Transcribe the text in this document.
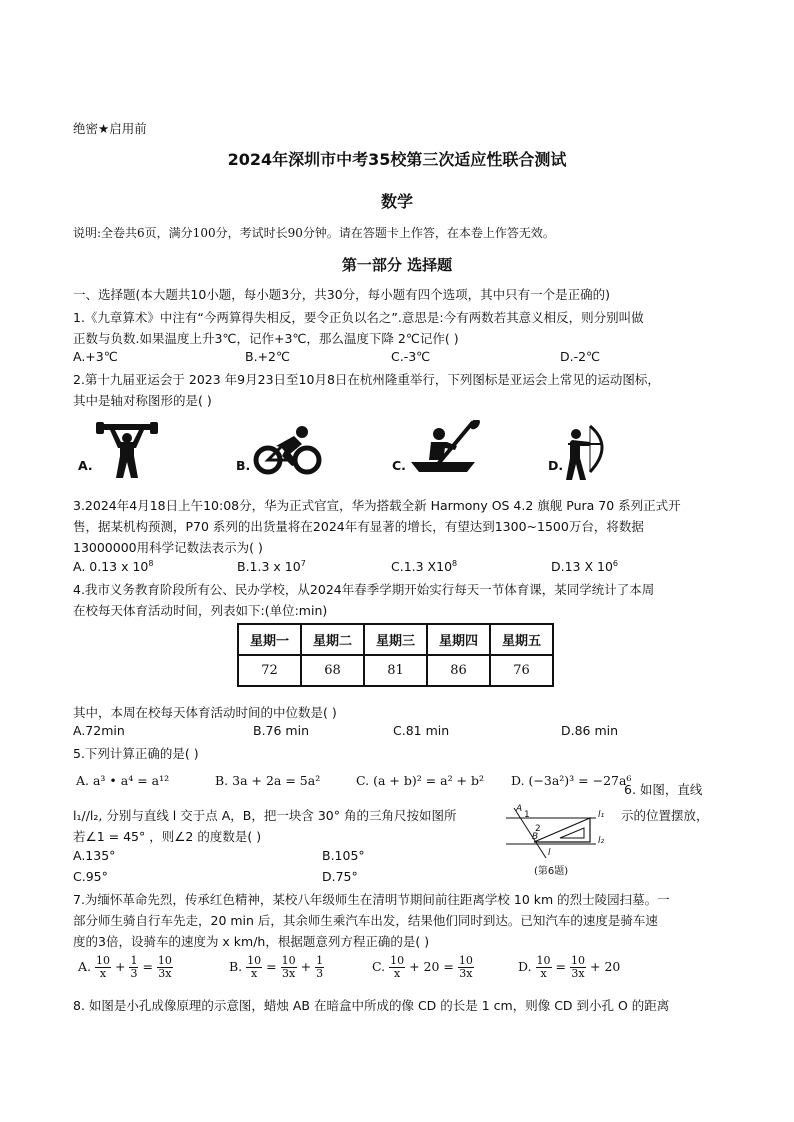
绝密★启用前
2024年深圳市中考35校第三次适应性联合测试
数学
说明:全卷共6页，满分100分，考试时长90分钟。请在答题卡上作答，在本卷上作答无效。
第一部分 选择题
一、选择题(本大题共10小题，每小题3分，共30分，每小题有四个选项，其中只有一个是正确的)
1.《九章算术》中注有“今两算得失相反，要令正负以名之”.意思是:今有两数若其意义相反，则分别叫做
正数与负数.如果温度上升3℃，记作+3℃，那么温度下降 2℃记作( )
A.+3℃	B.+2℃	C.-3℃	D.-2℃
2.第十九届亚运会于 2023 年9月23日至10月8日在杭州隆重举行，下列图标是亚运会上常见的运动图标，
其中是轴对称图形的是( )
A.	B.	C.	D.
3.2024年4月18日上午10:08分，华为正式官宣，华为搭载全新 Harmony OS 4.2 旗舰 Pura 70 系列正式开
售，据某机构预测，P70 系列的出货量将在2024年有显著的增长，有望达到1300~1500万台，将数据
13000000用科学记数法表示为( )
A. 0.13 x $10^8$	B.1.3 x $10^7$	C.1.3 $X10^8$	D.13 X $10^6$
4.我市义务教育阶段所有公、民办学校，从2024年春季学期开始实行每天一节体育课，某同学统计了本周
在校每天体育活动时间，列表如下:(单位:min)
星期一	星期二	星期三	星期四	星期五
72	68	81	86	76
其中，本周在校每天体育活动时间的中位数是( )
A.72min	B.76 min	C.81 min	D.86 min
5.下列计算正确的是( )
A. a³ • a⁴ = a¹²	B. 3a + 2a = 5a²	C. (a + b)² = a² + b² D. (−3a²)³ = −27a⁶
6. 如图，直线
l₁//l₂, 分别与直线 l 交于点 A，B，把一块含 30° 角的三角尺按如图所	示的位置摆放，
若∠1 = 45° ，则∠2 的度数是( )
A.135°	B.105°
C.95°	D.75°
A
B
1
2
l₁
l₂
l
(第6题)
7.为缅怀革命先烈，传承红色精神，某校八年级师生在清明节期间前往距离学校 10 km 的烈士陵园扫墓。一
部分师生骑自行车先走，20 min 后，其余师生乘汽车出发，结果他们同时到达。已知汽车的速度是骑车速
度的3倍，设骑车的速度为 x km/h，根据题意列方程正确的是( )
A. $\frac{10}{x} + \frac{1}{3} = \frac{10}{3x}$	B. $\frac{10}{x} = \frac{10}{3x} + \frac{1}{3}$	C. $\frac{10}{x} + 20 = \frac{10}{3x}$	D. $\frac{10}{x} = \frac{10}{3x} + 20$
8. 如图是小孔成像原理的示意图，蜡烛 AB 在暗盒中所成的像 CD 的长是 1 cm，则像 CD 到小孔 O 的距离
